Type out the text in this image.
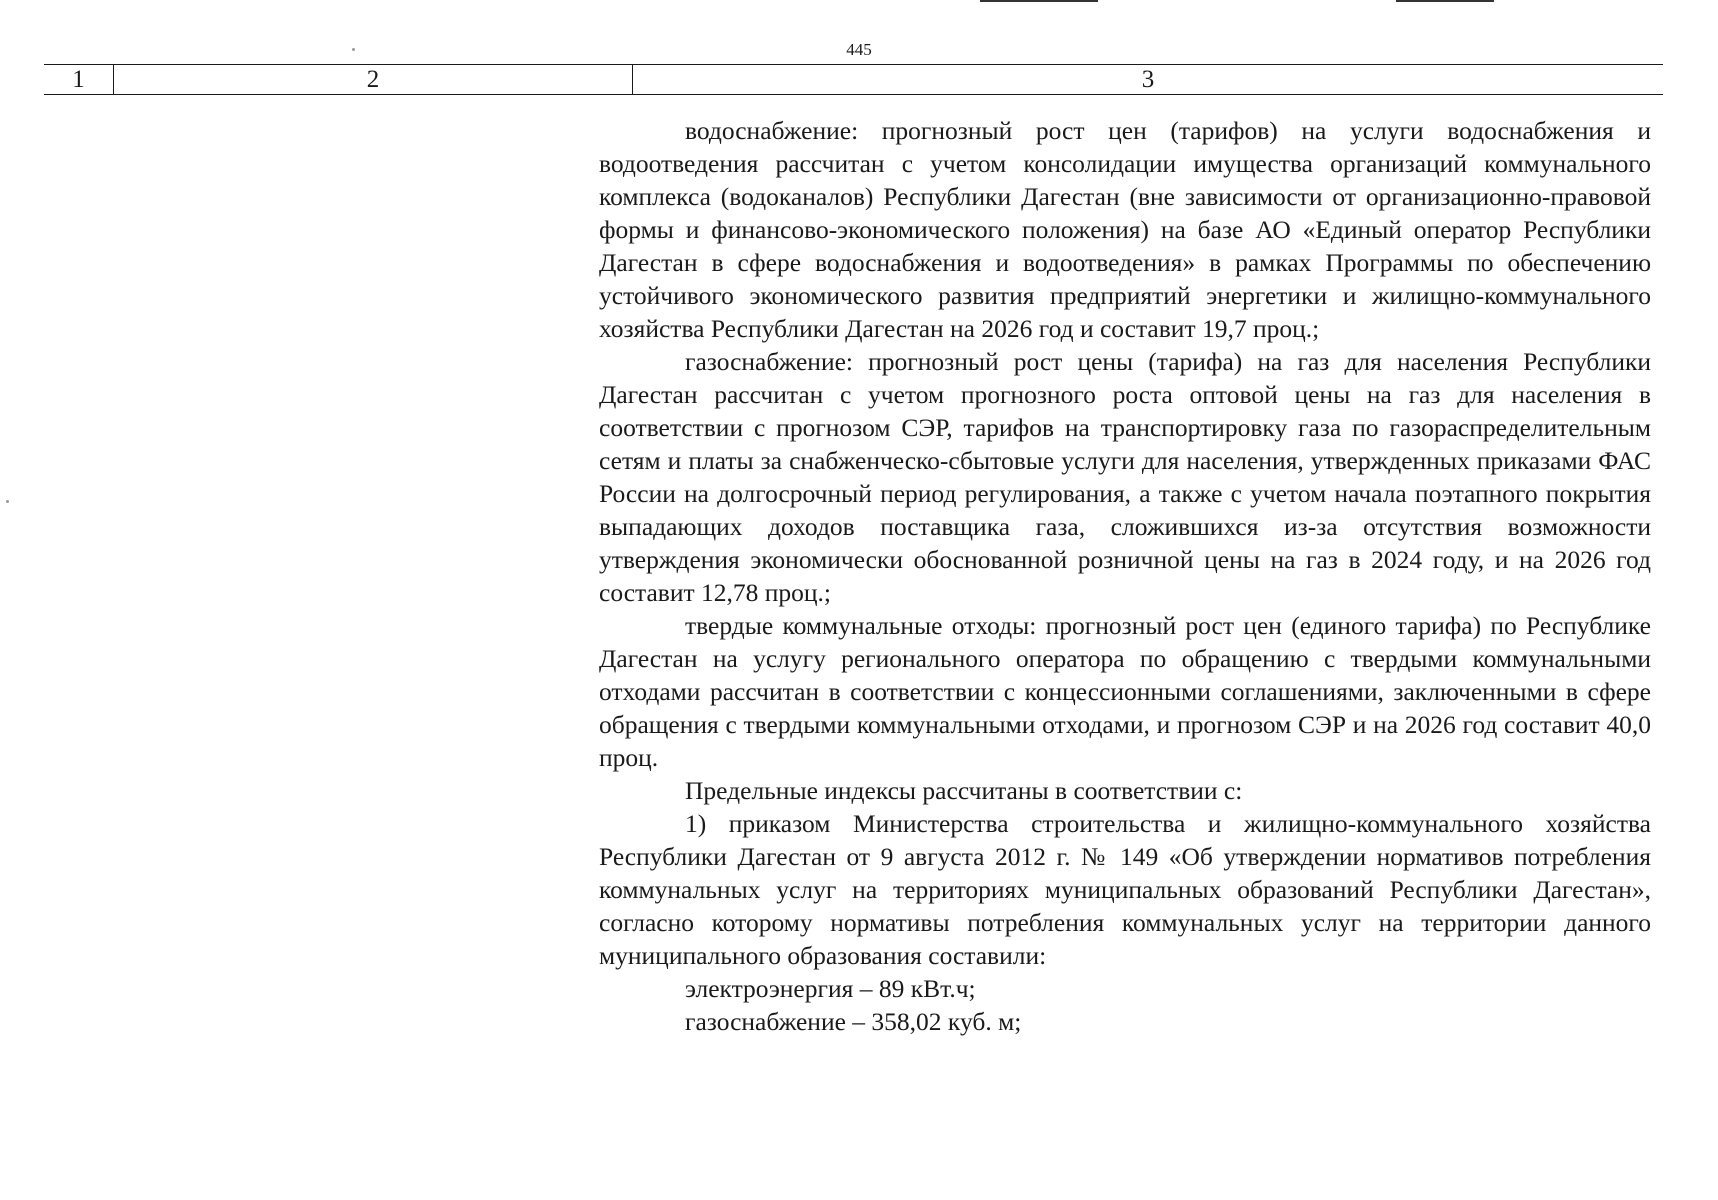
445
1	2	3

водоснабжение: прогнозный рост цен (тарифов) на услуги водоснабжения и водоотведения рассчитан с учетом консолидации имущества организаций коммунального комплекса (водоканалов) Республики Дагестан (вне зависимости от организационно-правовой формы и финансово-экономического положения) на базе АО «Единый оператор Республики Дагестан в сфере водоснабжения и водоотведения» в рамках Программы по обеспечению устойчивого экономического развития предприятий энергетики и жилищно-коммунального хозяйства Республики Дагестан на 2026 год и составит 19,7 проц.;

газоснабжение: прогнозный рост цены (тарифа) на газ для населения Республики Дагестан рассчитан с учетом прогнозного роста оптовой цены на газ для населения в соответствии с прогнозом СЭР, тарифов на транспортировку газа по газораспределительным сетям и платы за снабженческо-сбытовые услуги для населения, утвержденных приказами ФАС России на долгосрочный период регулирования, а также с учетом начала поэтапного покрытия выпадающих доходов поставщика газа, сложившихся из-за отсутствия возможности утверждения экономически обоснованной розничной цены на газ в 2024 году, и на 2026 год составит 12,78 проц.;

твердые коммунальные отходы: прогнозный рост цен (единого тарифа) по Республике Дагестан на услугу регионального оператора по обращению с твердыми коммунальными отходами рассчитан в соответствии с концессионными соглашениями, заключенными в сфере обращения с твердыми коммунальными отходами, и прогнозом СЭР и на 2026 год составит 40,0 проц.

Предельные индексы рассчитаны в соответствии с:

1) приказом Министерства строительства и жилищно-коммунального хозяйства Республики Дагестан от 9 августа 2012 г. № 149 «Об утверждении нормативов потребления коммунальных услуг на территориях муниципальных образований Республики Дагестан», согласно которому нормативы потребления коммунальных услуг на территории данного муниципального образования составили:

электроэнергия – 89 кВт.ч;

газоснабжение – 358,02 куб. м;
